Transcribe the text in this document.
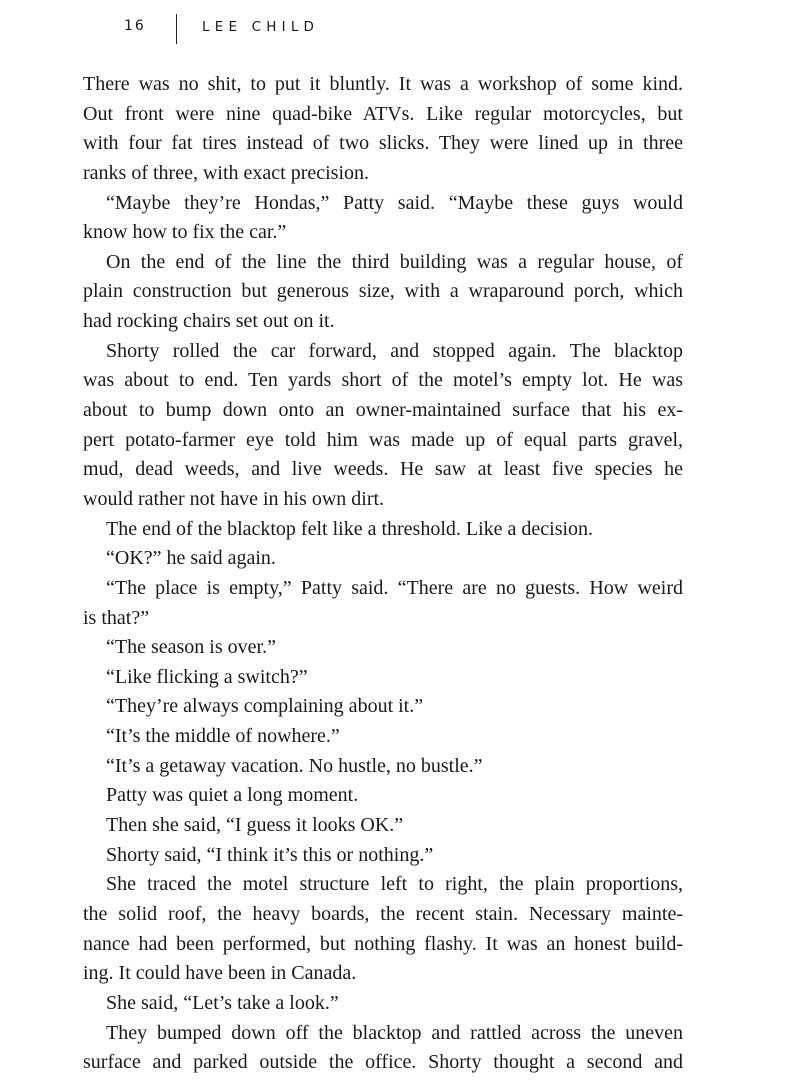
16	LEE CHILD
There was no shit, to put it bluntly. It was a workshop of some kind.
Out front were nine quad-bike ATVs. Like regular motorcycles, but
with four fat tires instead of two slicks. They were lined up in three
ranks of three, with exact precision.
“Maybe they’re Hondas,” Patty said. “Maybe these guys would
know how to fix the car.”
On the end of the line the third building was a regular house, of
plain construction but generous size, with a wraparound porch, which
had rocking chairs set out on it.
Shorty rolled the car forward, and stopped again. The blacktop
was about to end. Ten yards short of the motel’s empty lot. He was
about to bump down onto an owner-maintained surface that his ex-
pert potato-farmer eye told him was made up of equal parts gravel,
mud, dead weeds, and live weeds. He saw at least five species he
would rather not have in his own dirt.
The end of the blacktop felt like a threshold. Like a decision.
“OK?” he said again.
“The place is empty,” Patty said. “There are no guests. How weird
is that?”
“The season is over.”
“Like flicking a switch?”
“They’re always complaining about it.”
“It’s the middle of nowhere.”
“It’s a getaway vacation. No hustle, no bustle.”
Patty was quiet a long moment.
Then she said, “I guess it looks OK.”
Shorty said, “I think it’s this or nothing.”
She traced the motel structure left to right, the plain proportions,
the solid roof, the heavy boards, the recent stain. Necessary mainte-
nance had been performed, but nothing flashy. It was an honest build-
ing. It could have been in Canada.
She said, “Let’s take a look.”
They bumped down off the blacktop and rattled across the uneven
surface and parked outside the office. Shorty thought a second and
